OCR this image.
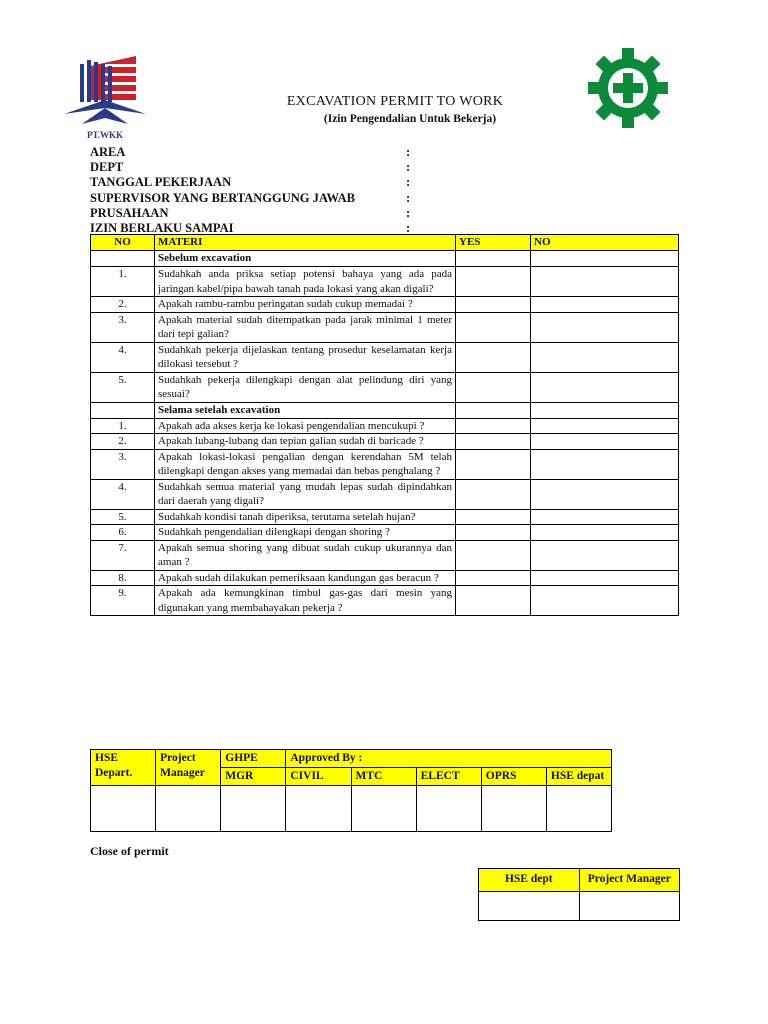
PT.WKK
EXCAVATION PERMIT TO WORK
(Izin Pengendalian Untuk Bekerja)
AREA	:
DEPT	:
TANGGAL PEKERJAAN	:
SUPERVISOR YANG BERTANGGUNG JAWAB	:
PRUSAHAAN	:
IZIN BERLAKU SAMPAI	:
NO	MATERI	YES	NO
	Sebelum excavation		
1.	Sudahkah anda priksa setiap potensi bahaya yang ada pada jaringan kabel/pipa bawah tanah pada lokasi yang akan digali?		
2.	Apakah rambu-rambu peringatan sudah cukup memadai ?		
3.	Apakah material sudah ditempatkan pada jarak minimal 1 meter dari tepi galian?		
4.	Sudahkah pekerja dijelaskan tentang prosedur keselamatan kerja dilokasi tersebut ?		
5.	Sudahkah pekerja dilengkapi dengan alat pelindung diri yang sesuai?		
	Selama setelah excavation		
1.	Apakah ada akses kerja ke lokasi pengendalian mencukupi ?		
2.	Apakah lubang-lubang dan tepian galian sudah di baricade ?		
3.	Apakah lokasi-lokasi pengalian dengan kerendahan 5M telah dilengkapi dengan akses yang memadai dan bebas penghalang ?		
4.	Sudahkah semua material yang mudah lepas sudah dipindahkan dari daerah yang digali?		
5.	Sudahkah kondisi tanah diperiksa, terutama setelah hujan?		
6.	Sudahkah pengendalian dilengkapi dengan shoring ?		
7.	Apakah semua shoring yang dibuat sudah cukup ukurannya dan aman ?		
8.	Apakah sudah dilakukan pemeriksaan kandungan gas beracun ?		
9.	Apakah ada kemungkinan timbul gas-gas dari mesin yang digunakan yang membahayakan pekerja ?		
HSE Depart.	Project Manager	GHPE	Approved By :				
		MGR	CIVIL	MTC	ELECT	OPRS	HSE depat

Close of permit
HSE dept	Project Manager
